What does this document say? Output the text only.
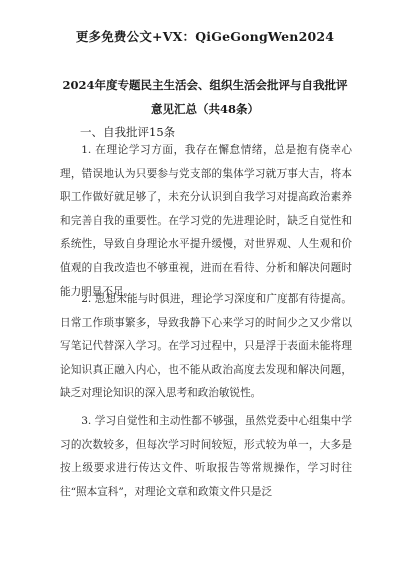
更多免费公文+VX：QiGeGongWen2024
2024年度专题民主生活会、组织生活会批评与自我批评意见汇总（共48条）
一、自我批评15条
1. 在理论学习方面，我存在懈怠情绪，总是抱有侥幸心理，错误地认为只要参与党支部的集体学习就万事大吉，将本职工作做好就足够了，未充分认识到自我学习对提高政治素养和完善自我的重要性。在学习党的先进理论时，缺乏自觉性和系统性，导致自身理论水平提升缓慢，对世界观、人生观和价值观的自我改造也不够重视，进而在看待、分析和解决问题时能力明显不足。
2. 思想未能与时俱进，理论学习深度和广度都有待提高。日常工作琐事繁多，导致我静下心来学习的时间少之又少常以写笔记代替深入学习。在学习过程中，只是浮于表面未能将理论知识真正融入内心，也不能从政治高度去发现和解决问题，缺乏对理论知识的深入思考和政治敏锐性。
3. 学习自觉性和主动性都不够强，虽然党委中心组集中学习的次数较多，但每次学习时间较短，形式较为单一，大多是按上级要求进行传达文件、听取报告等常规操作，学习时往往“照本宣科”，对理论文章和政策文件只是泛
